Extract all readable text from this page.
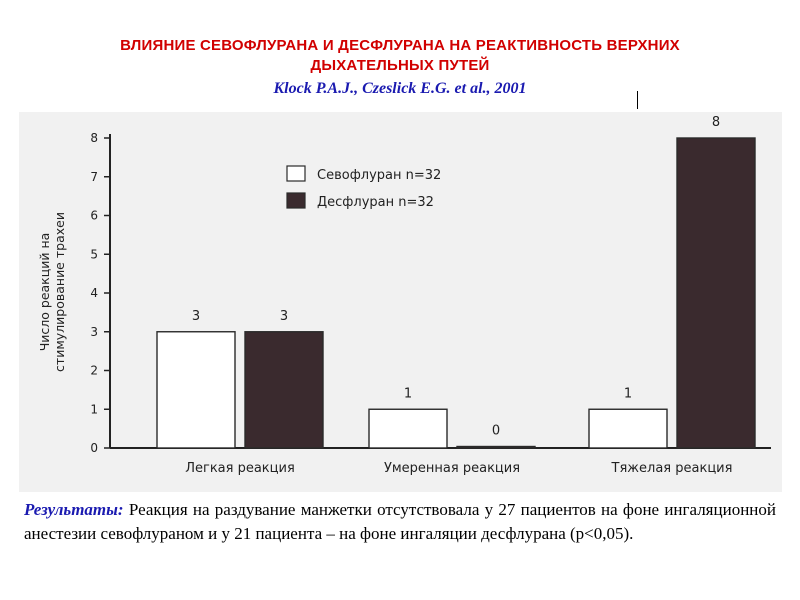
ВЛИЯНИЕ СЕВОФЛУРАНА И ДЕСФЛУРАНА НА РЕАКТИВНОСТЬ ВЕРХНИХ
ДЫХАТЕЛЬНЫХ ПУТЕЙ
Klock P.A.J., Czeslick E.G. et al., 2001
0
1
2
3
4
5
6
7
8
Число реакций настимулирование трахеи	3	3
Легкая реакция
1
0
Умеренная реакция
1
8
Тяжелая реакция
Севофлуран n=32
Десфлуран n=32
Результаты: Реакция на раздувание манжетки отсутствовала у 27 пациентов на фоне ингаляционной анестезии севофлураном и у 21 пациента – на фоне ингаляции десфлурана (р<0,05).
